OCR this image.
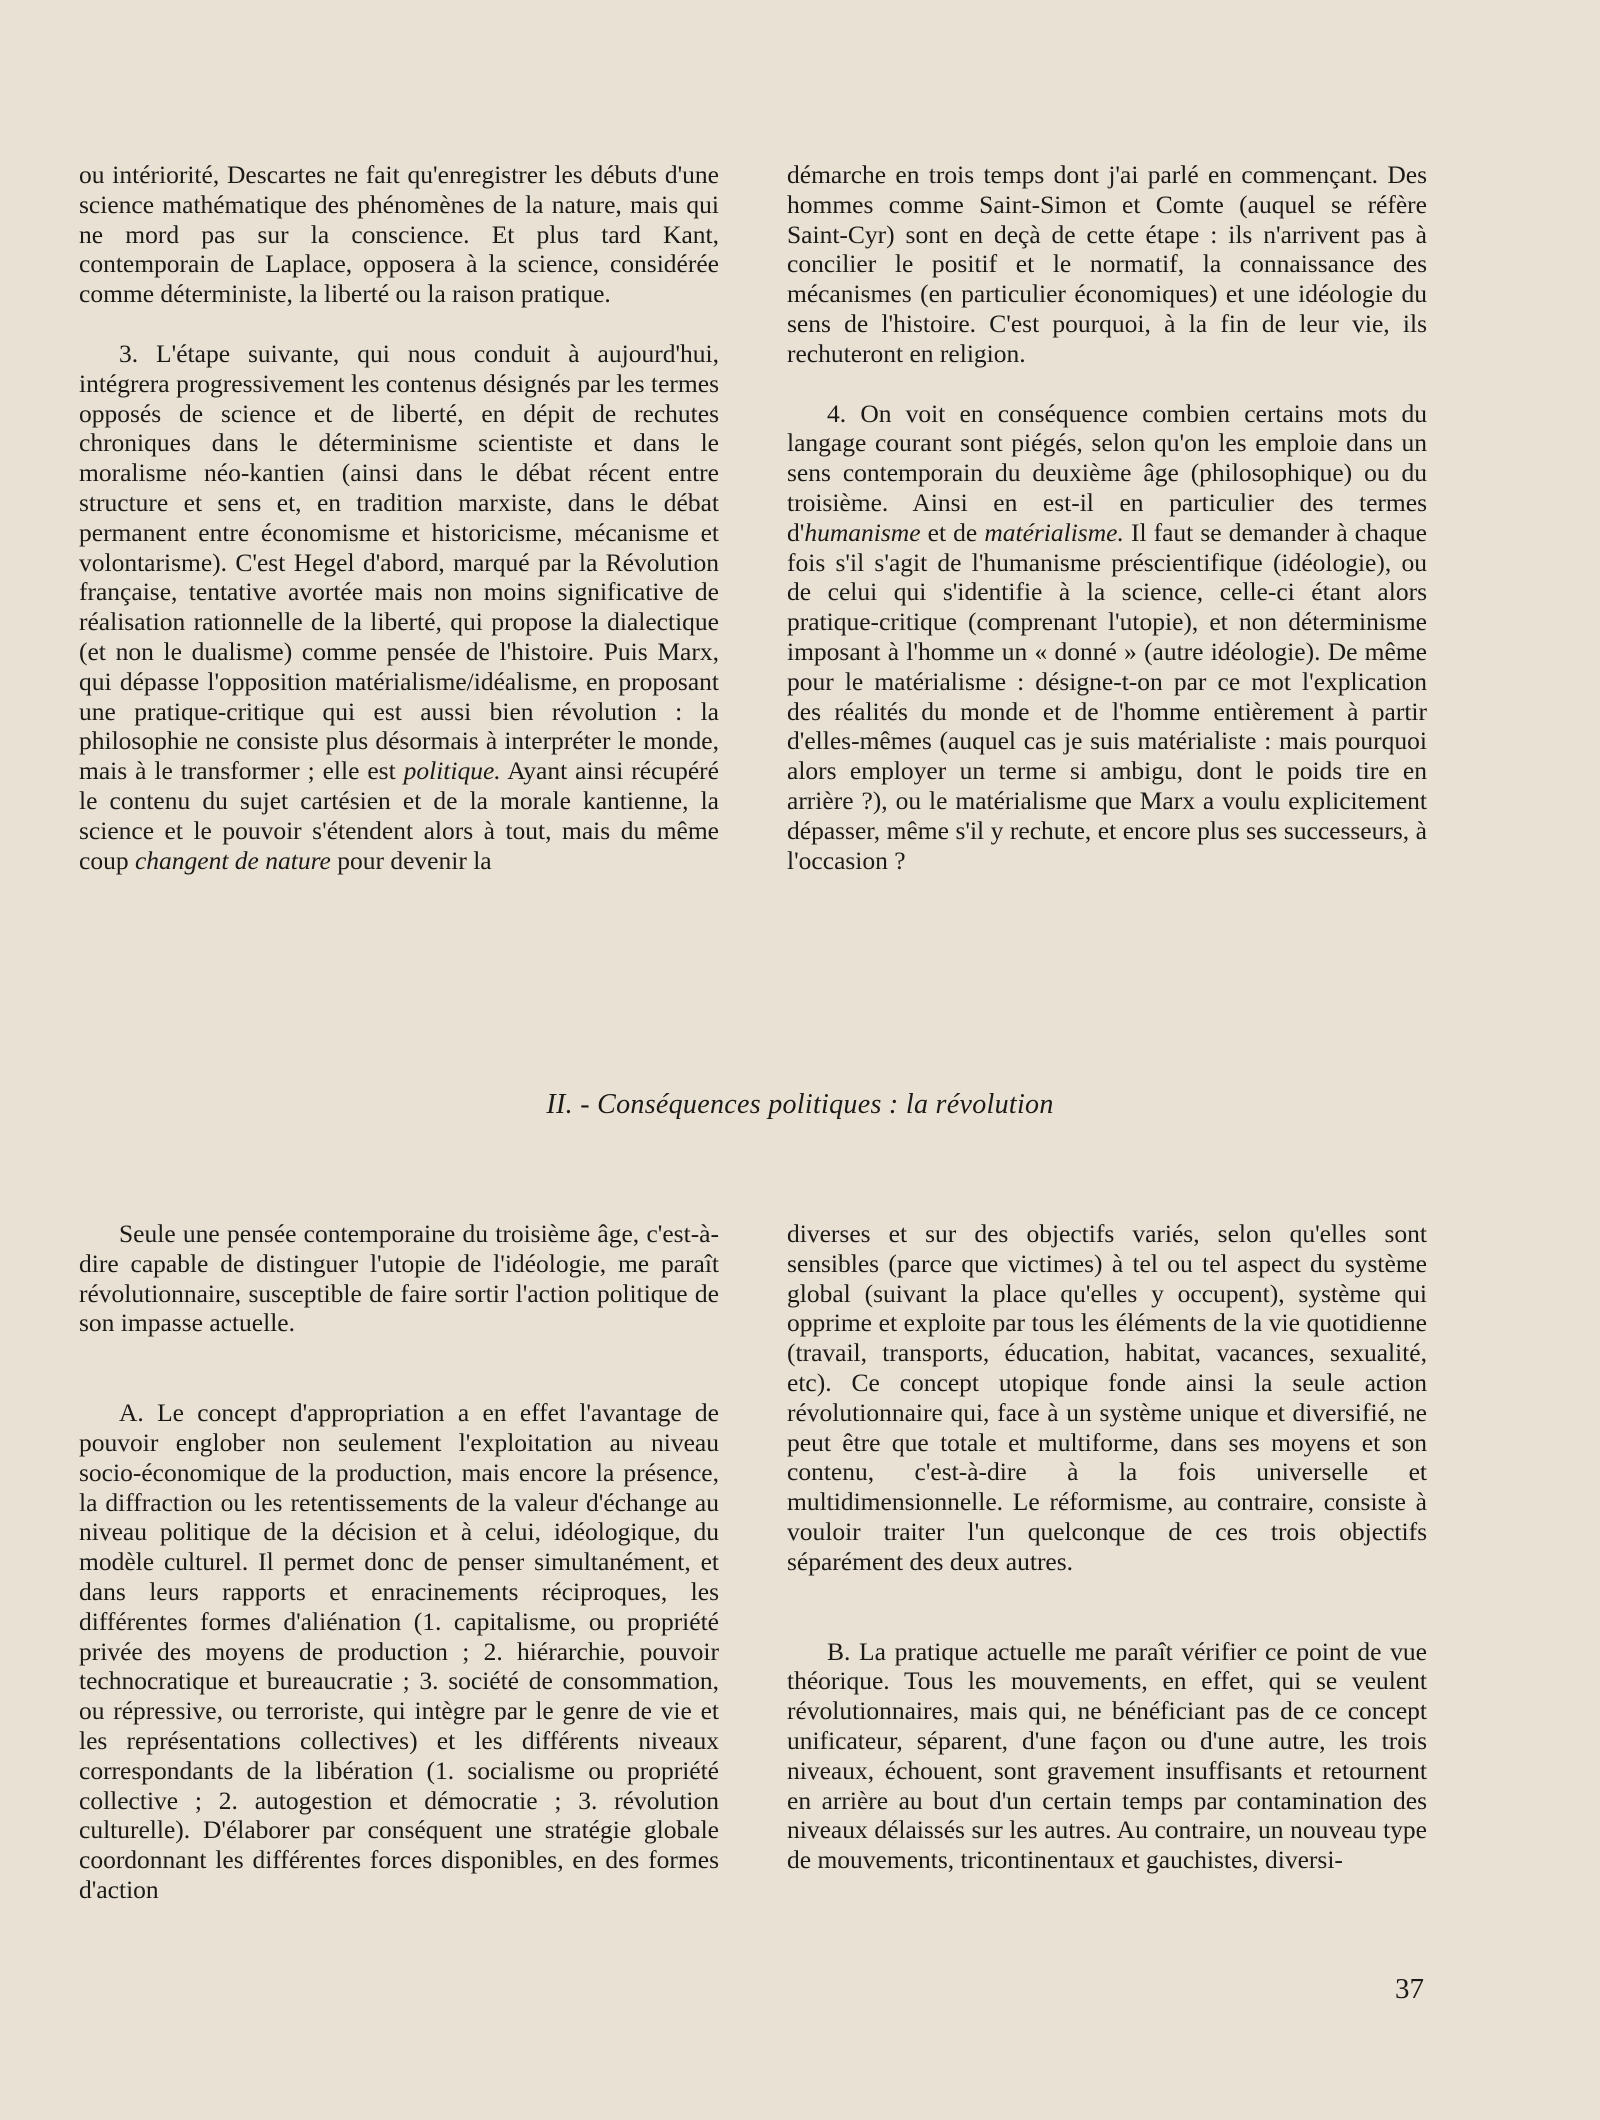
ou intériorité, Descartes ne fait qu'enregistrer les débuts d'une science mathématique des phénomènes de la nature, mais qui ne mord pas sur la conscience. Et plus tard Kant, contemporain de Laplace, opposera à la science, considérée comme déterministe, la liberté ou la raison pratique.

3. L'étape suivante, qui nous conduit à aujourd'hui, intégrera progressivement les contenus désignés par les termes opposés de science et de liberté, en dépit de rechutes chroniques dans le déterminisme scientiste et dans le moralisme néo-kantien (ainsi dans le débat récent entre structure et sens et, en tradition marxiste, dans le débat permanent entre économisme et historicisme, mécanisme et volontarisme). C'est Hegel d'abord, marqué par la Révolution française, tentative avortée mais non moins significative de réalisation rationnelle de la liberté, qui propose la dialectique (et non le dualisme) comme pensée de l'histoire. Puis Marx, qui dépasse l'opposition matérialisme/idéalisme, en proposant une pratique-critique qui est aussi bien révolution : la philosophie ne consiste plus désormais à interpréter le monde, mais à le transformer ; elle est politique. Ayant ainsi récupéré le contenu du sujet cartésien et de la morale kantienne, la science et le pouvoir s'étendent alors à tout, mais du même coup changent de nature pour devenir la

démarche en trois temps dont j'ai parlé en commençant. Des hommes comme Saint-Simon et Comte (auquel se réfère Saint-Cyr) sont en deçà de cette étape : ils n'arrivent pas à concilier le positif et le normatif, la connaissance des mécanismes (en particulier économiques) et une idéologie du sens de l'histoire. C'est pourquoi, à la fin de leur vie, ils rechuteront en religion.

4. On voit en conséquence combien certains mots du langage courant sont piégés, selon qu'on les emploie dans un sens contemporain du deuxième âge (philosophique) ou du troisième. Ainsi en est-il en particulier des termes d'humanisme et de matérialisme. Il faut se demander à chaque fois s'il s'agit de l'humanisme préscientifique (idéologie), ou de celui qui s'identifie à la science, celle-ci étant alors pratique-critique (comprenant l'utopie), et non déterminisme imposant à l'homme un « donné » (autre idéologie). De même pour le matérialisme : désigne-t-on par ce mot l'explication des réalités du monde et de l'homme entièrement à partir d'elles-mêmes (auquel cas je suis matérialiste : mais pourquoi alors employer un terme si ambigu, dont le poids tire en arrière ?), ou le matérialisme que Marx a voulu explicitement dépasser, même s'il y rechute, et encore plus ses successeurs, à l'occasion ?

II. - Conséquences politiques : la révolution

Seule une pensée contemporaine du troisième âge, c'est-à-dire capable de distinguer l'utopie de l'idéologie, me paraît révolutionnaire, susceptible de faire sortir l'action politique de son impasse actuelle.

A. Le concept d'appropriation a en effet l'avantage de pouvoir englober non seulement l'exploitation au niveau socio-économique de la production, mais encore la présence, la diffraction ou les retentissements de la valeur d'échange au niveau politique de la décision et à celui, idéologique, du modèle culturel. Il permet donc de penser simultanément, et dans leurs rapports et enracinements réciproques, les différentes formes d'aliénation (1. capitalisme, ou propriété privée des moyens de production ; 2. hiérarchie, pouvoir technocratique et bureaucratie ; 3. société de consommation, ou répressive, ou terroriste, qui intègre par le genre de vie et les représentations collectives) et les différents niveaux correspondants de la libération (1. socialisme ou propriété collective ; 2. autogestion et démocratie ; 3. révolution culturelle). D'élaborer par conséquent une stratégie globale coordonnant les différentes forces disponibles, en des formes d'action

diverses et sur des objectifs variés, selon qu'elles sont sensibles (parce que victimes) à tel ou tel aspect du système global (suivant la place qu'elles y occupent), système qui opprime et exploite par tous les éléments de la vie quotidienne (travail, transports, éducation, habitat, vacances, sexualité, etc). Ce concept utopique fonde ainsi la seule action révolutionnaire qui, face à un système unique et diversifié, ne peut être que totale et multiforme, dans ses moyens et son contenu, c'est-à-dire à la fois universelle et multidimensionnelle. Le réformisme, au contraire, consiste à vouloir traiter l'un quelconque de ces trois objectifs séparément des deux autres.

B. La pratique actuelle me paraît vérifier ce point de vue théorique. Tous les mouvements, en effet, qui se veulent révolutionnaires, mais qui, ne bénéficiant pas de ce concept unificateur, séparent, d'une façon ou d'une autre, les trois niveaux, échouent, sont gravement insuffisants et retournent en arrière au bout d'un certain temps par contamination des niveaux délaissés sur les autres. Au contraire, un nouveau type de mouvements, tricontinentaux et gauchistes, diversi-

37
